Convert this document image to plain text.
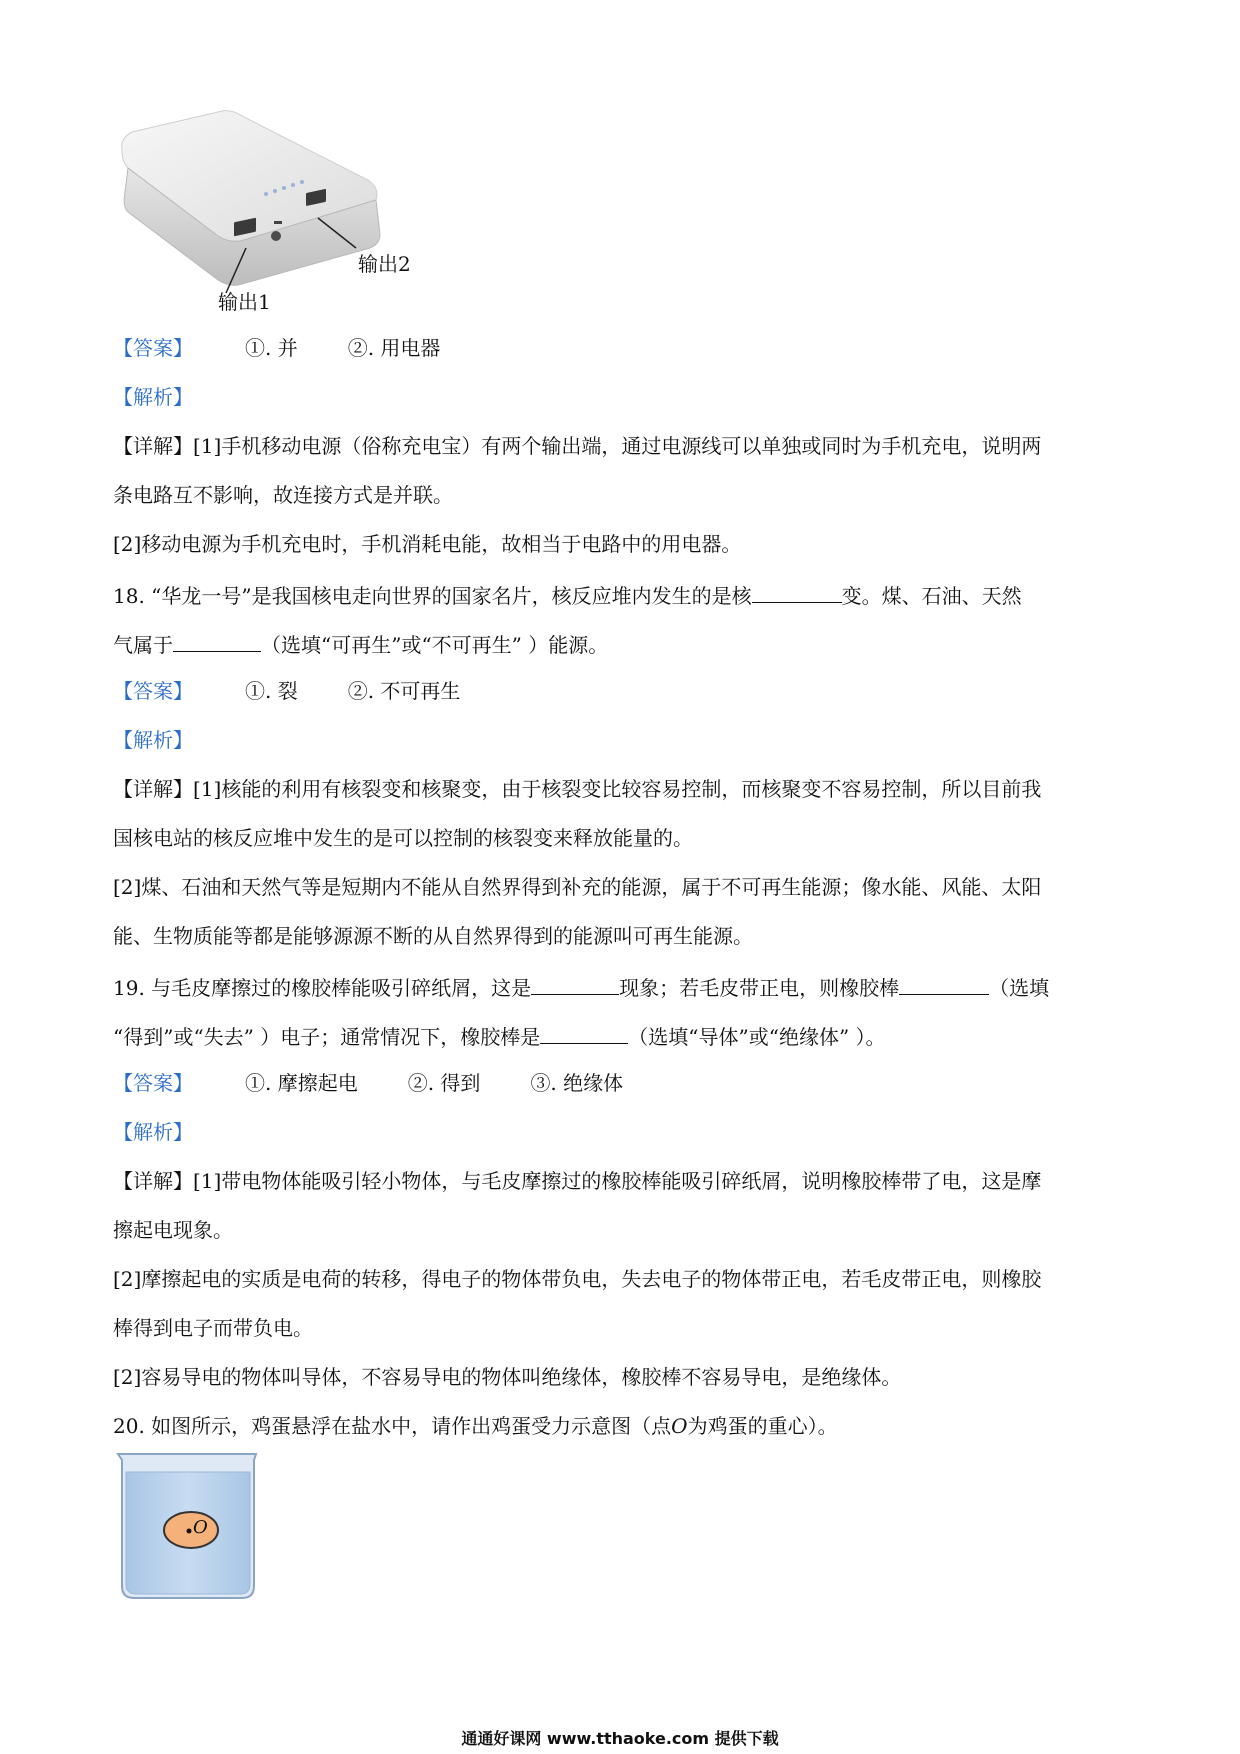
输出2
输出1
【答案】	①. 并	②. 用电器
【解析】
【详解】[1]手机移动电源（俗称充电宝）有两个输出端，通过电源线可以单独或同时为手机充电，说明两
条电路互不影响，故连接方式是并联。
[2]移动电源为手机充电时，手机消耗电能，故相当于电路中的用电器。
18. “华龙一号”是我国核电走向世界的国家名片，核反应堆内发生的是核	变。煤、石油、天然
气属于	（选填“可再生”或“不可再生” ）能源。
【答案】	①. 裂	②. 不可再生
【解析】
【详解】[1]核能的利用有核裂变和核聚变，由于核裂变比较容易控制，而核聚变不容易控制，所以目前我
国核电站的核反应堆中发生的是可以控制的核裂变来释放能量的。
[2]煤、石油和天然气等是短期内不能从自然界得到补充的能源，属于不可再生能源；像水能、风能、太阳
能、生物质能等都是能够源源不断的从自然界得到的能源叫可再生能源。
19. 与毛皮摩擦过的橡胶棒能吸引碎纸屑，这是	现象；若毛皮带正电，则橡胶棒	（选填
“得到”或“失去” ）电子；通常情况下，橡胶棒是	（选填“导体”或“绝缘体” ）。
【答案】	①. 摩擦起电	②. 得到	③. 绝缘体
【解析】
【详解】[1]带电物体能吸引轻小物体，与毛皮摩擦过的橡胶棒能吸引碎纸屑，说明橡胶棒带了电，这是摩
擦起电现象。
[2]摩擦起电的实质是电荷的转移，得电子的物体带负电，失去电子的物体带正电，若毛皮带正电，则橡胶
棒得到电子而带负电。
[2]容易导电的物体叫导体，不容易导电的物体叫绝缘体，橡胶棒不容易导电，是绝缘体。
20. 如图所示，鸡蛋悬浮在盐水中，请作出鸡蛋受力示意图（点O为鸡蛋的重心）。
O
通通好课网 www.tthaoke.com 提供下载
